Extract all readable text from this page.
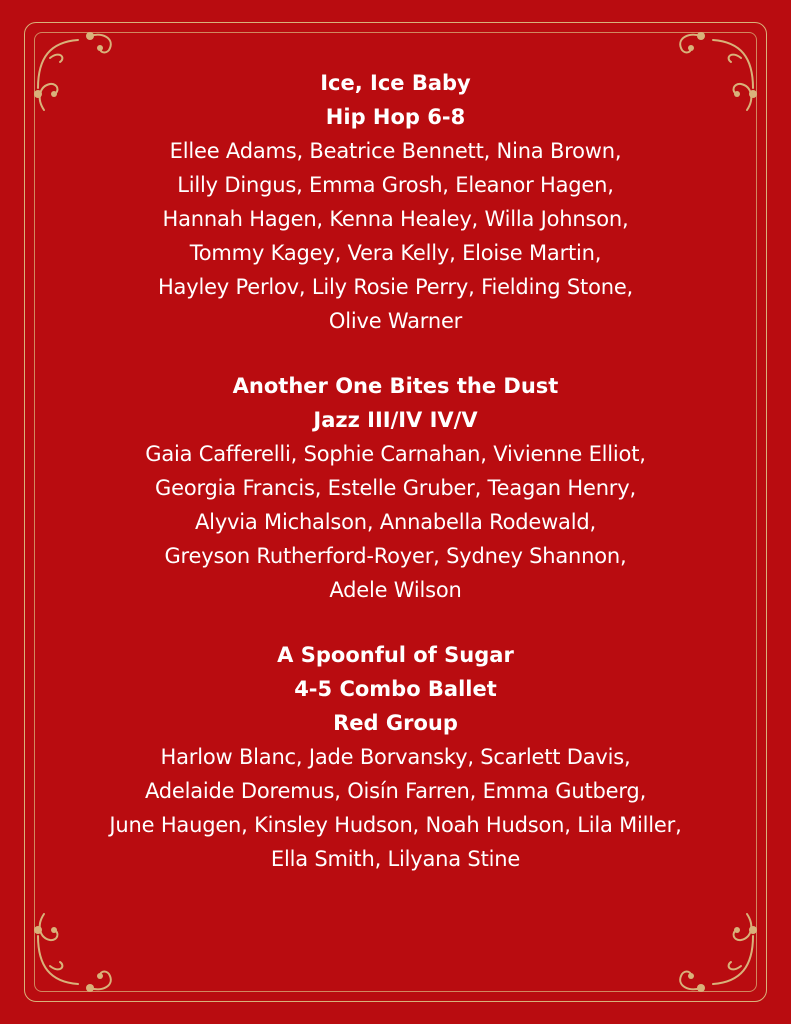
Ice, Ice Baby

Hip Hop 6-8

Ellee Adams, Beatrice Bennett, Nina Brown,

Lilly Dingus, Emma Grosh, Eleanor Hagen,

Hannah Hagen, Kenna Healey, Willa Johnson,

Tommy Kagey, Vera Kelly, Eloise Martin,

Hayley Perlov, Lily Rosie Perry, Fielding Stone,

Olive Warner

Another One Bites the Dust

Jazz III/IV IV/V

Gaia Cafferelli, Sophie Carnahan, Vivienne Elliot,

Georgia Francis, Estelle Gruber, Teagan Henry,

Alyvia Michalson, Annabella Rodewald,

Greyson Rutherford-Royer, Sydney Shannon,

Adele Wilson

A Spoonful of Sugar

4-5 Combo Ballet

Red Group

Harlow Blanc, Jade Borvansky, Scarlett Davis,

Adelaide Doremus, Oisín Farren, Emma Gutberg,

June Haugen, Kinsley Hudson, Noah Hudson, Lila Miller,

Ella Smith, Lilyana Stine
